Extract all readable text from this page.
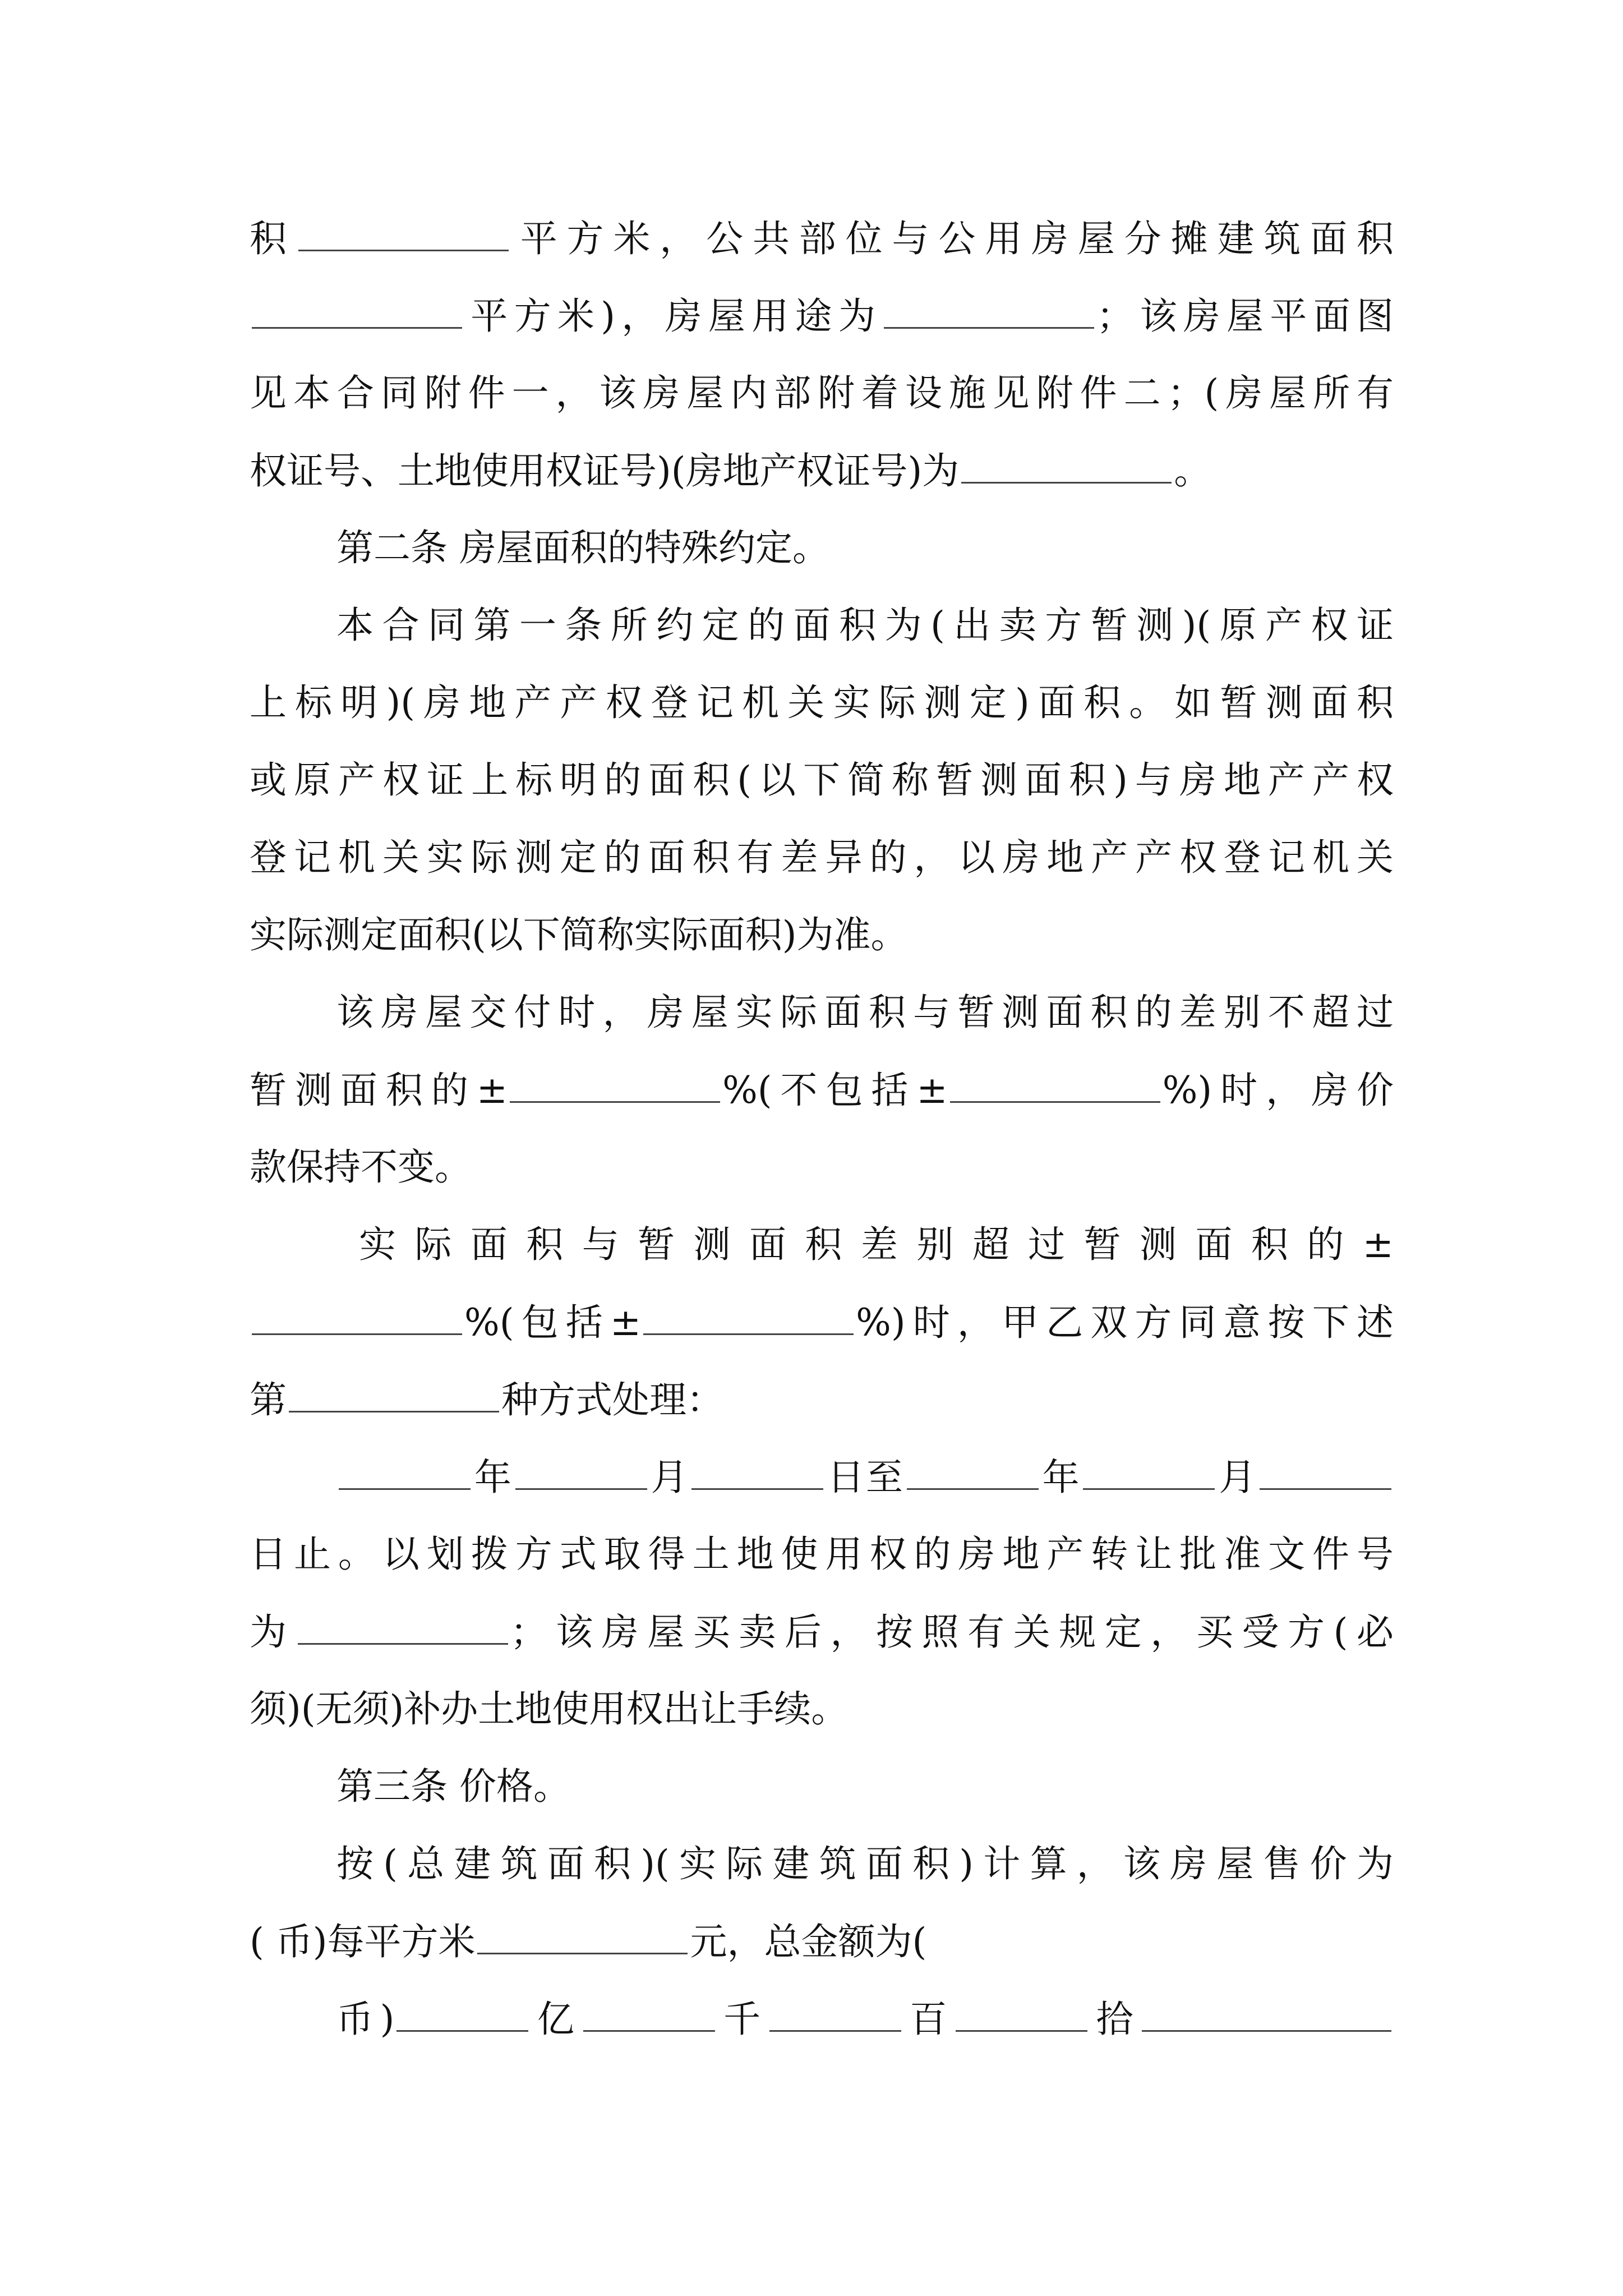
积	平方米，公共部位与公用房屋分摊建筑面积
平方米)，房屋用途为	；该房屋平面图
见本合同附件一，该房屋内部附着设施见附件二；(房屋所有
权证号、土地使用权证号)(房地产权证号)为	。
第二条 房屋面积的特殊约定。
本合同第一条所约定的面积为(出卖方暂测)(原产权证
上标明)(房地产产权登记机关实际测定)面积。如暂测面积
或原产权证上标明的面积(以下简称暂测面积)与房地产产权
登记机关实际测定的面积有差异的，以房地产产权登记机关
实际测定面积(以下简称实际面积)为准。
该房屋交付时，房屋实际面积与暂测面积的差别不超过
暂测面积的±	%(不包括±	%)时，房价
款保持不变。
实际面积与暂测面积差别超过暂测面积的±
%(包括±	%)时，甲乙双方同意按下述
第	种方式处理：
年	月	日至	年	月
日止。以划拨方式取得土地使用权的房地产转让批准文件号
为	；该房屋买卖后，按照有关规定，买受方(必
须)(无须)补办土地使用权出让手续。
第三条 价格。
按(总建筑面积)(实际建筑面积)计算，该房屋售价为
( 币)每平方米	元，总金额为(
币)	亿	千	百	拾
